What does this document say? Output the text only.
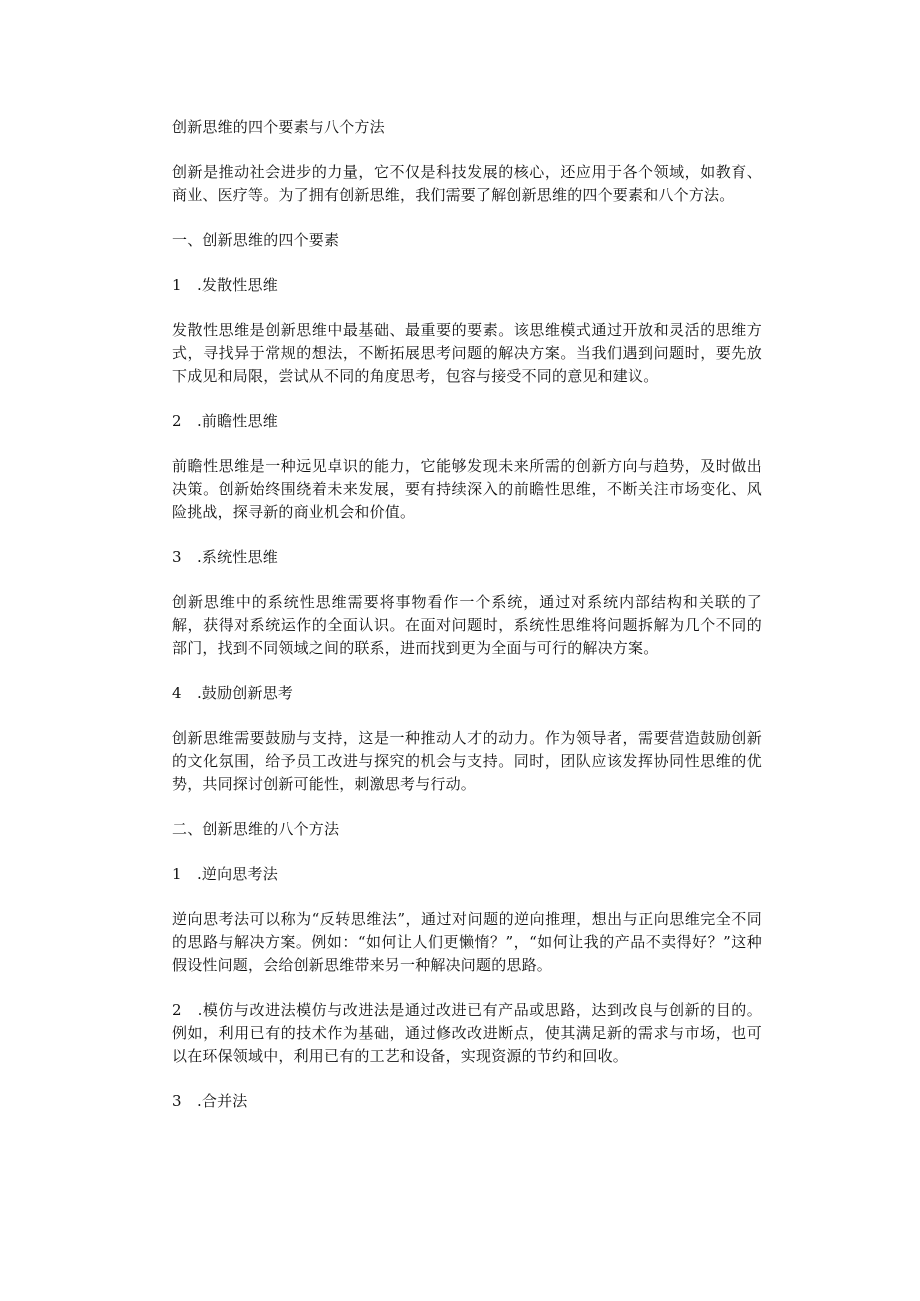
创新思维的四个要素与八个方法

创新是推动社会进步的力量，它不仅是科技发展的核心，还应用于各个领域，如教育、商业、医疗等。为了拥有创新思维，我们需要了解创新思维的四个要素和八个方法。

一、创新思维的四个要素

1　.发散性思维

发散性思维是创新思维中最基础、最重要的要素。该思维模式通过开放和灵活的思维方式，寻找异于常规的想法，不断拓展思考问题的解决方案。当我们遇到问题时，要先放下成见和局限，尝试从不同的角度思考，包容与接受不同的意见和建议。

2　.前瞻性思维

前瞻性思维是一种远见卓识的能力，它能够发现未来所需的创新方向与趋势，及时做出决策。创新始终围绕着未来发展，要有持续深入的前瞻性思维，不断关注市场变化、风险挑战，探寻新的商业机会和价值。

3　.系统性思维

创新思维中的系统性思维需要将事物看作一个系统，通过对系统内部结构和关联的了解，获得对系统运作的全面认识。在面对问题时，系统性思维将问题拆解为几个不同的部门，找到不同领域之间的联系，进而找到更为全面与可行的解决方案。

4　.鼓励创新思考

创新思维需要鼓励与支持，这是一种推动人才的动力。作为领导者，需要营造鼓励创新的文化氛围，给予员工改进与探究的机会与支持。同时，团队应该发挥协同性思维的优势，共同探讨创新可能性，刺激思考与行动。

二、创新思维的八个方法

1　.逆向思考法

逆向思考法可以称为“反转思维法”，通过对问题的逆向推理，想出与正向思维完全不同的思路与解决方案。例如：“如何让人们更懒惰？”，“如何让我的产品不卖得好？”这种假设性问题，会给创新思维带来另一种解决问题的思路。

2　.模仿与改进法模仿与改进法是通过改进已有产品或思路，达到改良与创新的目的。例如，利用已有的技术作为基础，通过修改改进断点，使其满足新的需求与市场，也可以在环保领域中，利用已有的工艺和设备，实现资源的节约和回收。

3　.合并法
